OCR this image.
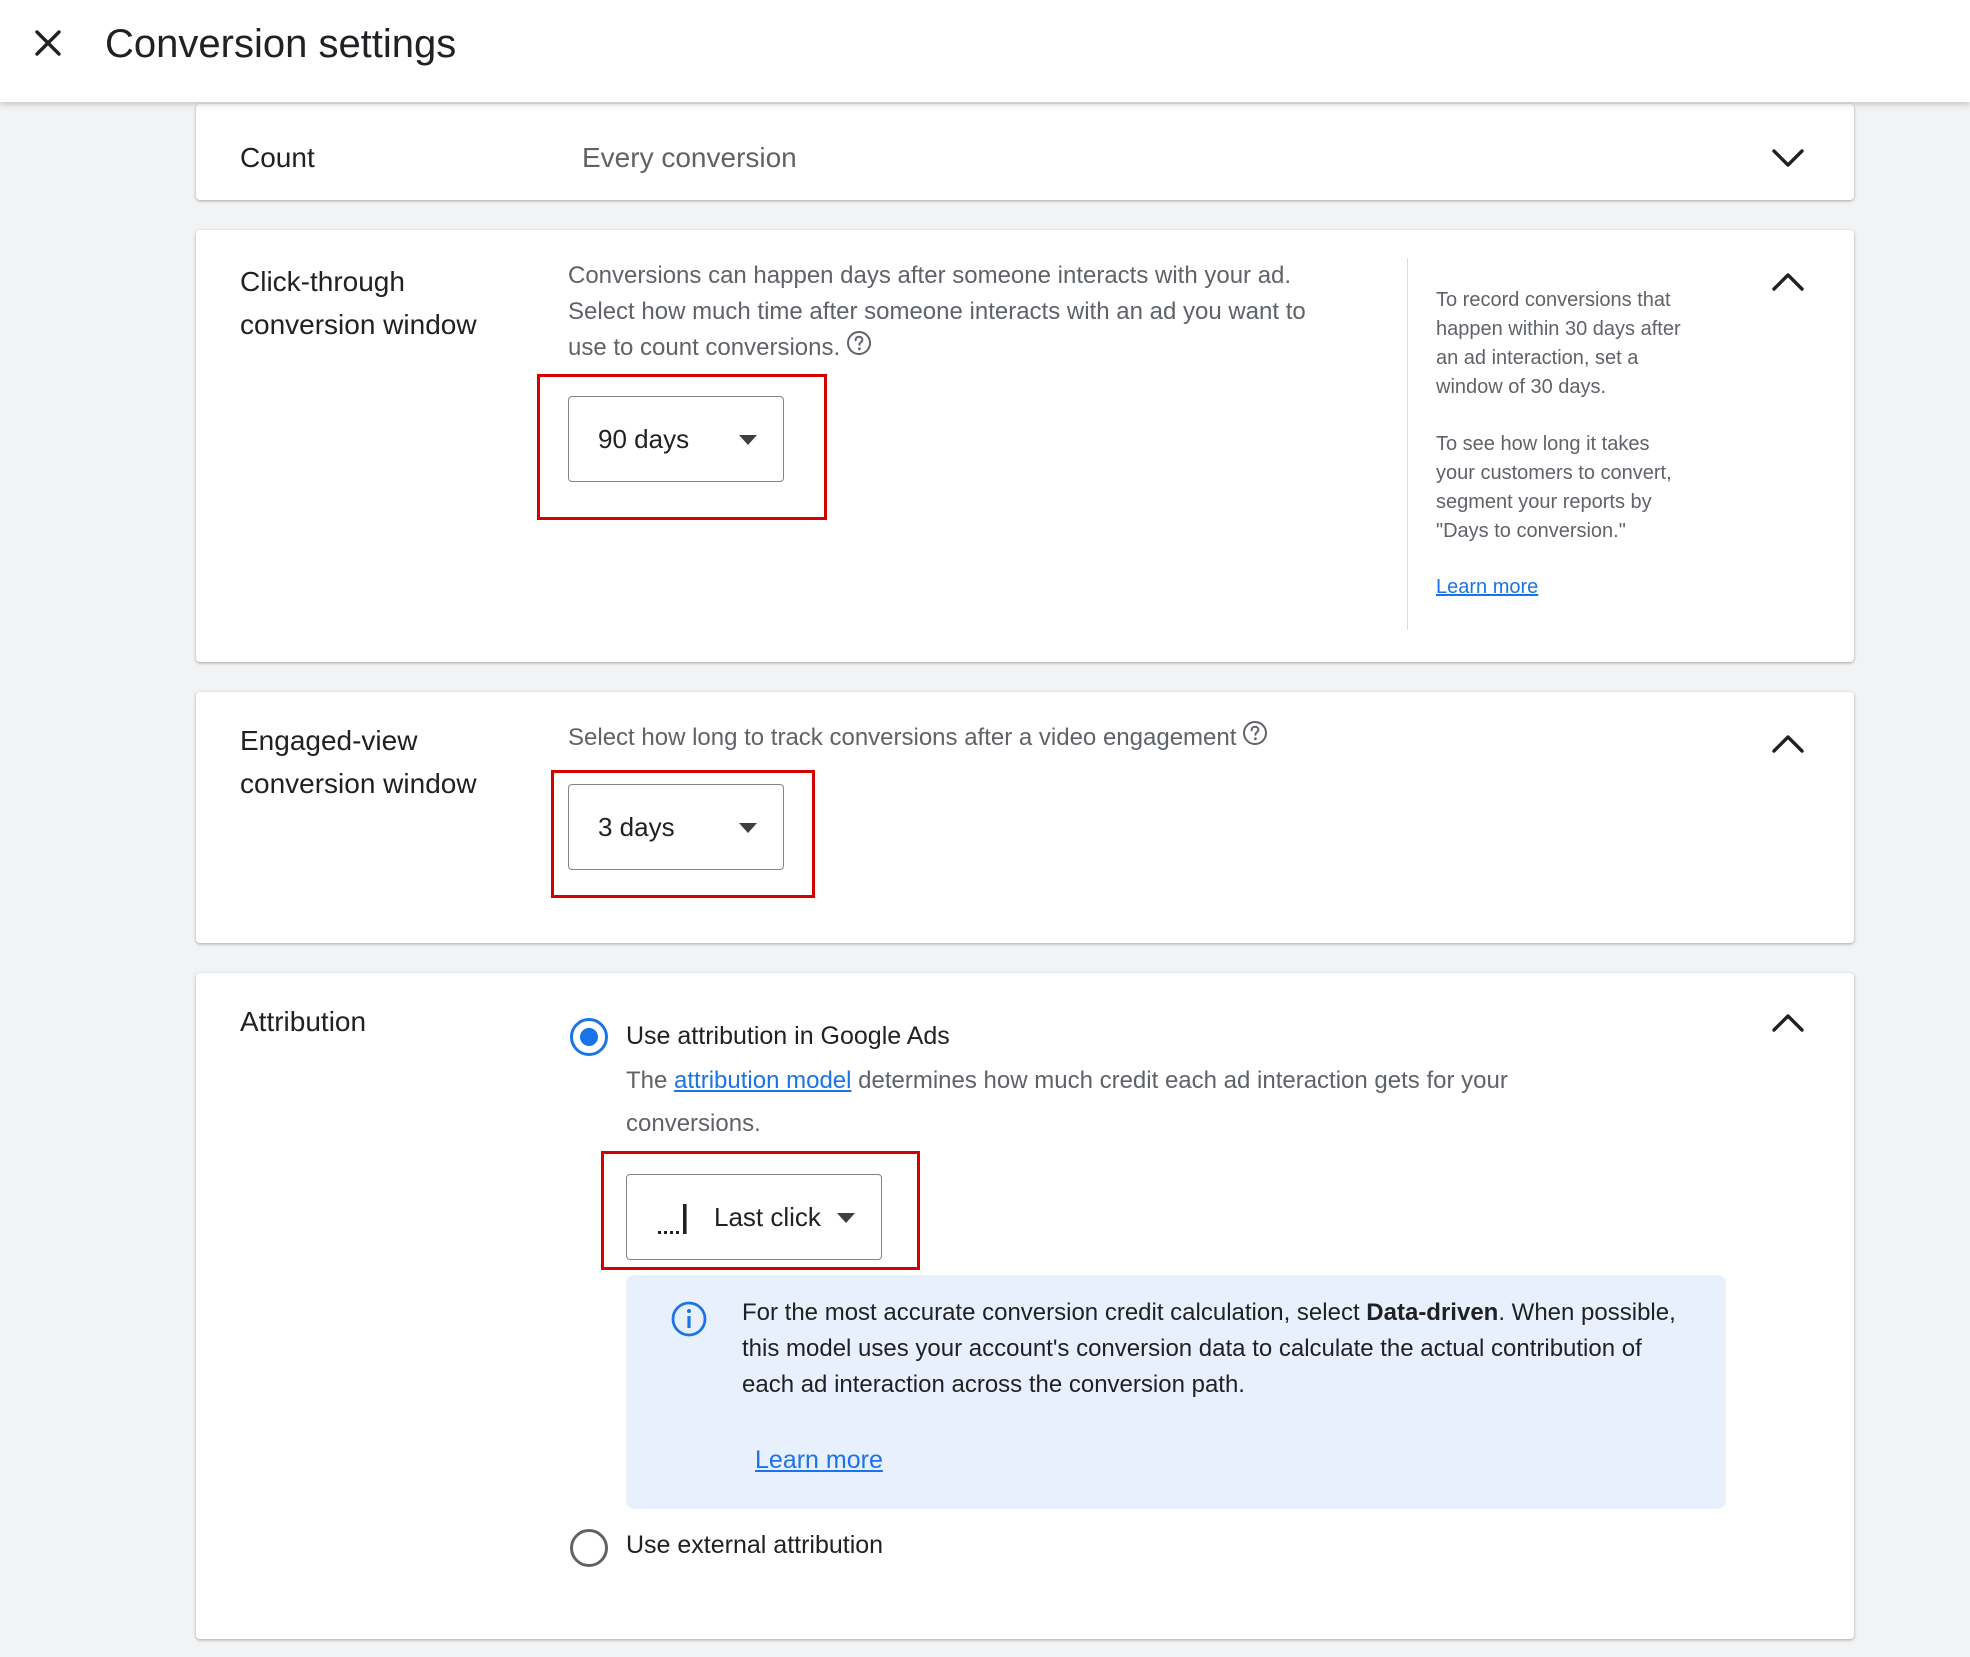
Conversion settings
Count	Every conversion
Click-through
conversion window
Conversions can happen days after someone interacts with your ad.
Select how much time after someone interacts with an ad you want to
use to count conversions.
90 days
To record conversions that
happen within 30 days after
an ad interaction, set a
window of 30 days.
To see how long it takes
your customers to convert,
segment your reports by
"Days to conversion."
Learn more
Engaged-view
conversion window
Select how long to track conversions after a video engagement
3 days
Attribution	Use attribution in Google Ads
The attribution model determines how much credit each ad interaction gets for your
conversions.
Last click
For the most accurate conversion credit calculation, select Data-driven. When possible, this model uses your account's conversion data to calculate the actual contribution of each ad interaction across the conversion path.
Learn more
Use external attribution
